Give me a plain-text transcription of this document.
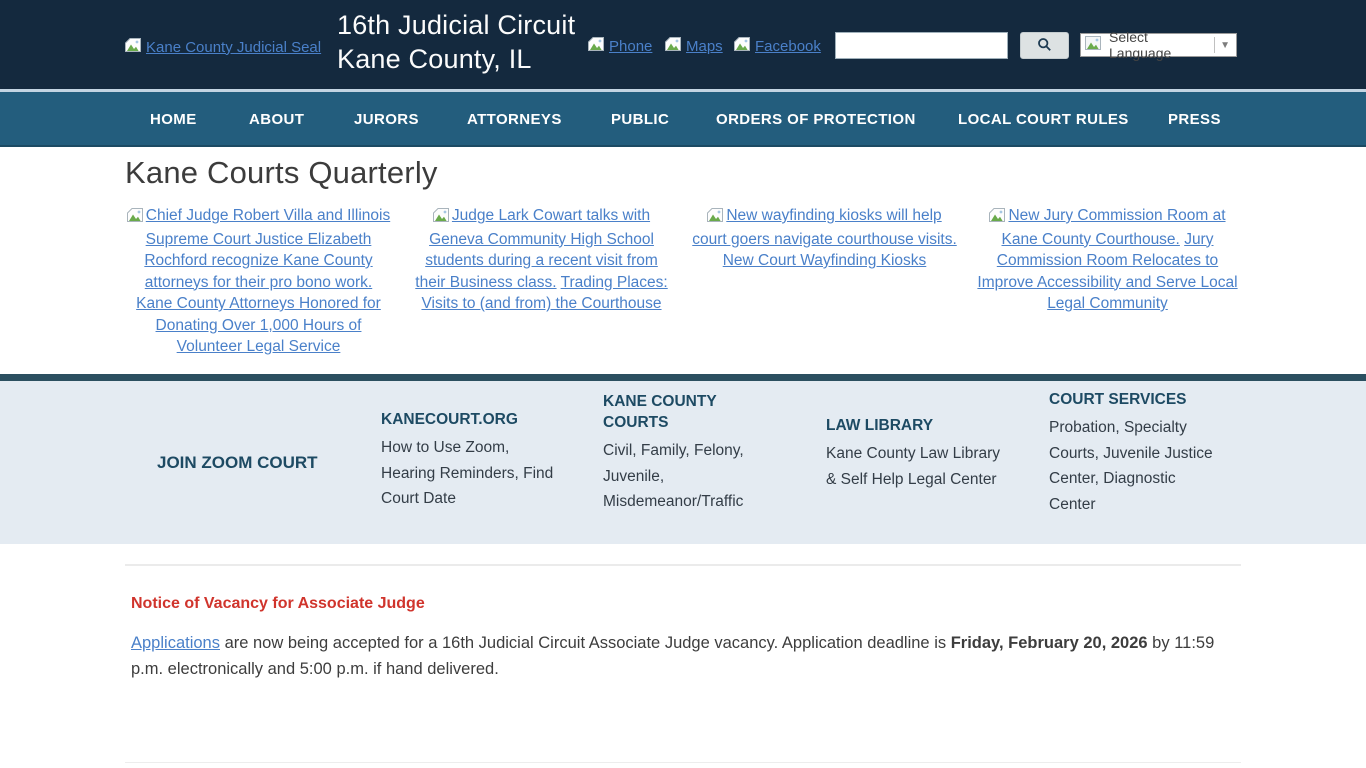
Kane County Judicial Seal
16th Judicial Circuit
Kane County, IL	Phone Maps Facebook
Select Language	▼
HOME	ABOUT	JURORS	ATTORNEYS	PUBLIC	ORDERS OF PROTECTION	LOCAL COURT RULES	PRESS
Kane Courts Quarterly
Chief Judge Robert Villa and Illinois Supreme Court Justice Elizabeth Rochford recognize Kane County attorneys for their pro bono work. Kane County Attorneys Honored for Donating Over 1,000 Hours of Volunteer Legal Service
Judge Lark Cowart talks with Geneva Community High School students during a recent visit from their Business class. Trading Places: Visits to (and from) the Courthouse
New wayfinding kiosks will help court goers navigate courthouse visits. New Court Wayfinding Kiosks
New Jury Commission Room at Kane County Courthouse. Jury Commission Room Relocates to Improve Accessibility and Serve Local Legal Community
JOIN ZOOM COURT
KANECOURT.ORG
How to Use Zoom, Hearing Reminders, Find Court Date
KANE COUNTY COURTS
Civil, Family, Felony, Juvenile, Misdemeanor/Traffic
LAW LIBRARY
Kane County Law Library & Self Help Legal Center
COURT SERVICES
Probation, Specialty Courts, Juvenile Justice Center, Diagnostic Center
Notice of Vacancy for Associate Judge

Applications are now being accepted for a 16th Judicial Circuit Associate Judge vacancy. Application deadline is Friday, February 20, 2026 by 11:59 p.m. electronically and 5:00 p.m. if hand delivered.
